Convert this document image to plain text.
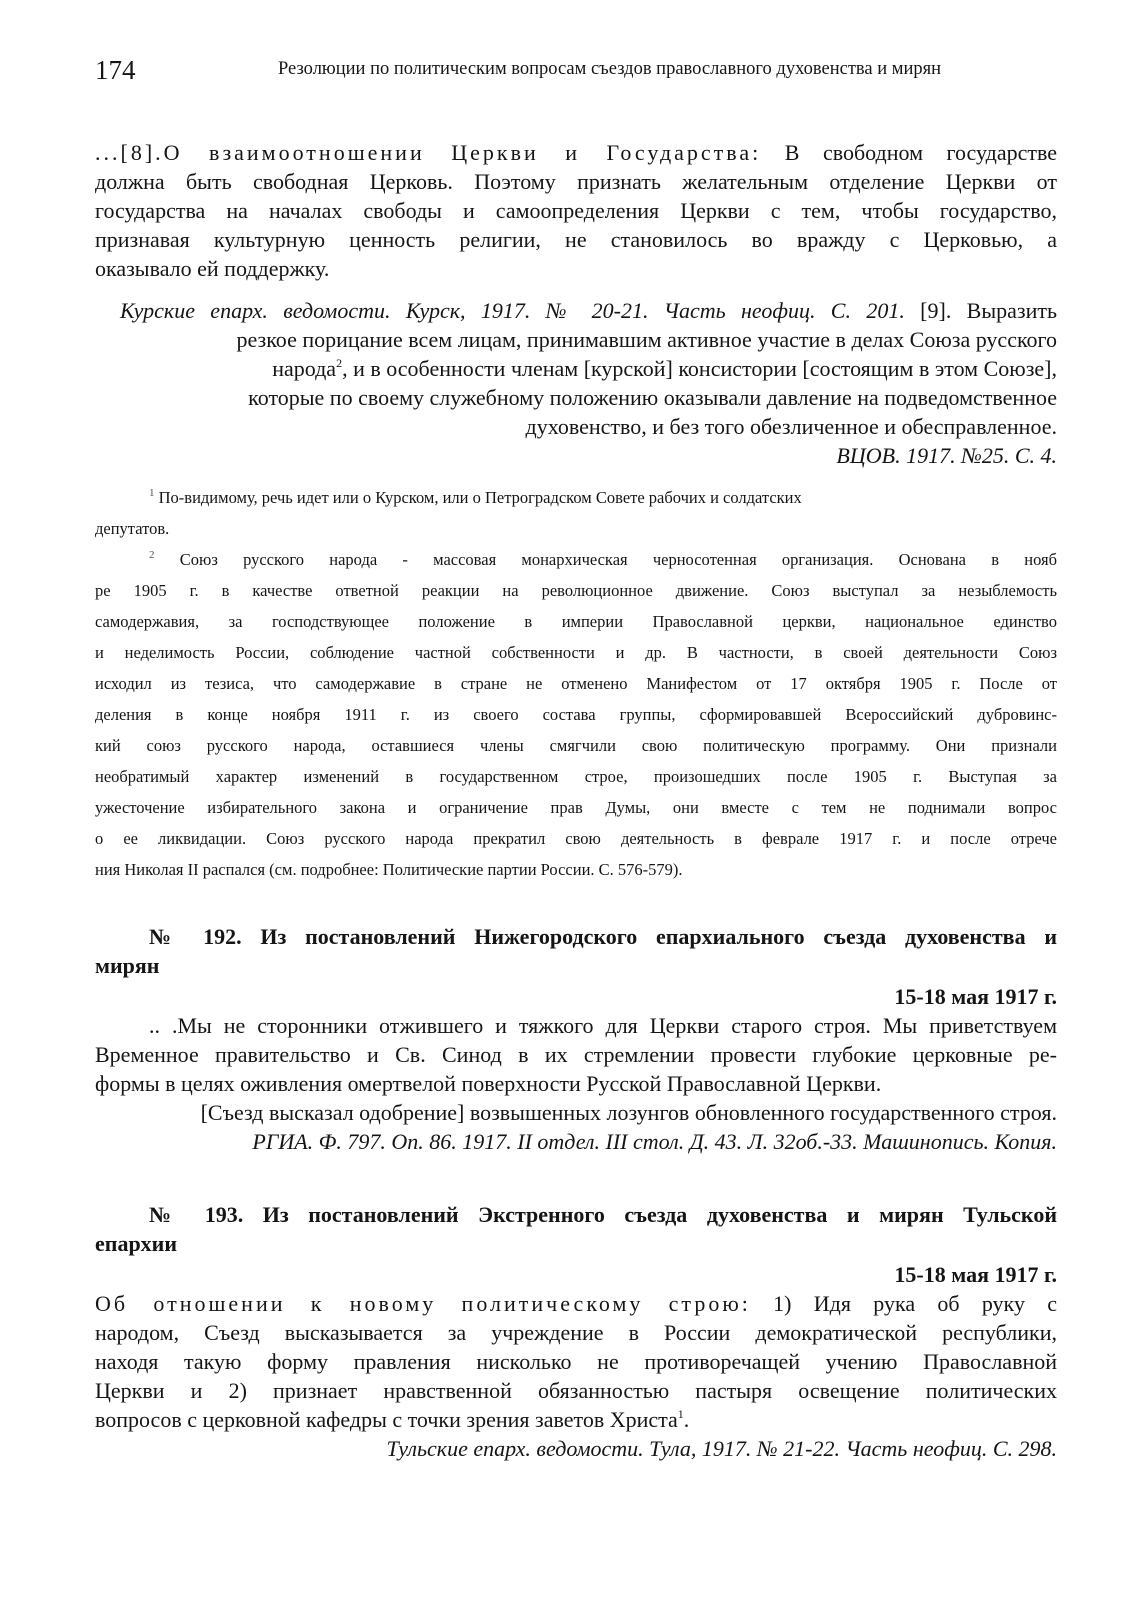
174	Резолюции по политическим вопросам съездов православного духовенства и мирян
...[8].О взаимоотношении Церкви и Государства: В свободном государстве
должна быть свободная Церковь. Поэтому признать желательным отделение Церкви от
государства на началах свободы и самоопределения Церкви с тем, чтобы государство,
признавая культурную ценность религии, не становилось во вражду с Церковью, а
оказывало ей поддержку.
Курские епарх. ведомости. Курск, 1917. № 20-21. Часть неофиц. С. 201. [9]. Выразить
резкое порицание всем лицам, принимавшим активное участие в делах Союза русского
народа$^2$, и в особенности членам [курской] консистории [состоящим в этом Союзе],
которые по своему служебному положению оказывали давление на подведомственное
духовенство, и без того обезличенное и обесправленное.
ВЦОВ. 1917. №25. С. 4.
$^1$ По-видимому, речь идет или о Курском, или о Петроградском Совете рабочих и солдатских
депутатов.
$^2$ Союз русского народа - массовая монархическая черносотенная организация. Основана в нояб
ре 1905 г. в качестве ответной реакции на революционное движение. Союз выступал за незыблемость
самодержавия, за господствующее положение в империи Православной церкви, национальное единство
и неделимость России, соблюдение частной собственности и др. В частности, в своей деятельности Союз
исходил из тезиса, что самодержавие в стране не отменено Манифестом от 17 октября 1905 г. После от
деления в конце ноября 1911 г. из своего состава группы, сформировавшей Всероссийский дубровинс-
кий союз русского народа, оставшиеся члены смягчили свою политическую программу. Они признали
необратимый характер изменений в государственном строе, произошедших после 1905 г. Выступая за
ужесточение избирательного закона и ограничение прав Думы, они вместе с тем не поднимали вопрос
о ее ликвидации. Союз русского народа прекратил свою деятельность в феврале 1917 г. и после отрече
ния Николая II распался (см. подробнее: Политические партии России. С. 576-579).
№ 192. Из постановлений Нижегородского епархиального съезда духовенства и
мирян
15-18 мая 1917 г.
.. .Мы не сторонники отжившего и тяжкого для Церкви старого строя. Мы приветствуем
Временное правительство и Св. Синод в их стремлении провести глубокие церковные ре-
формы в целях оживления омертвелой поверхности Русской Православной Церкви.
[Съезд высказал одобрение] возвышенных лозунгов обновленного государственного строя.
РГИА. Ф. 797. Оп. 86. 1917. II отдел. III стол. Д. 43. Л. 32об.-33. Машинопись. Копия.
№ 193. Из постановлений Экстренного съезда духовенства и мирян Тульской
епархии
15-18 мая 1917 г.
Об отношении к новому политическому строю: 1) Идя рука об руку с
народом, Съезд высказывается за учреждение в России демократической республики,
находя такую форму правления нисколько не противоречащей учению Православной
Церкви и 2) признает нравственной обязанностью пастыря освещение политических
вопросов с церковной кафедры с точки зрения заветов Христа$^1$.
Тульские епарх. ведомости. Тула, 1917. № 21-22. Часть неофиц. С. 298.
